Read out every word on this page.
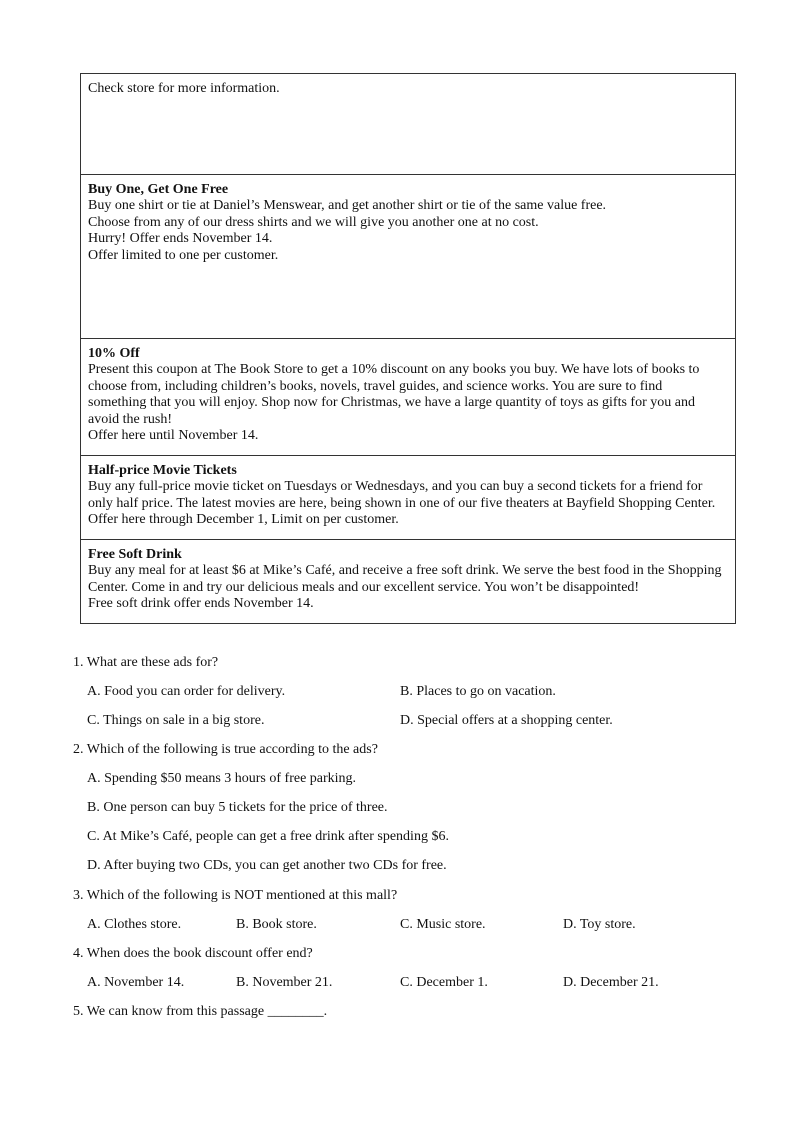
Check store for more information.

Buy One, Get One Free

Buy one shirt or tie at Daniel’s Menswear, and get another shirt or tie of the same value free.

Choose from any of our dress shirts and we will give you another one at no cost.

Hurry! Offer ends November 14.

Offer limited to one per customer.

10% Off

Present this coupon at The Book Store to get a 10% discount on any books you buy. We have lots of books to

choose from, including children’s books, novels, travel guides, and science works. You are sure to find

something that you will enjoy. Shop now for Christmas, we have a large quantity of toys as gifts for you and

avoid the rush!

Offer here until November 14.

Half-price Movie Tickets

Buy any full-price movie ticket on Tuesdays or Wednesdays, and you can buy a second tickets for a friend for

only half price. The latest movies are here, being shown in one of our five theaters at Bayfield Shopping Center.

Offer here through December 1, Limit on per customer.

Free Soft Drink

Buy any meal for at least $6 at Mike’s Café, and receive a free soft drink. We serve the best food in the Shopping

Center. Come in and try our delicious meals and our excellent service. You won’t be disappointed!

Free soft drink offer ends November 14.

1. What are these ads for?
A. Food you can order for delivery.	B. Places to go on vacation.
C. Things on sale in a big store.	D. Special offers at a shopping center.
2. Which of the following is true according to the ads?
A. Spending $50 means 3 hours of free parking.
B. One person can buy 5 tickets for the price of three.
C. At Mike’s Café, people can get a free drink after spending $6.
D. After buying two CDs, you can get another two CDs for free.
3. Which of the following is NOT mentioned at this mall?
A. Clothes store.	B. Book store.	C. Music store.	D. Toy store.
4. When does the book discount offer end?
A. November 14.	B. November 21.	C. December 1.	D. December 21.
5. We can know from this passage ________.
